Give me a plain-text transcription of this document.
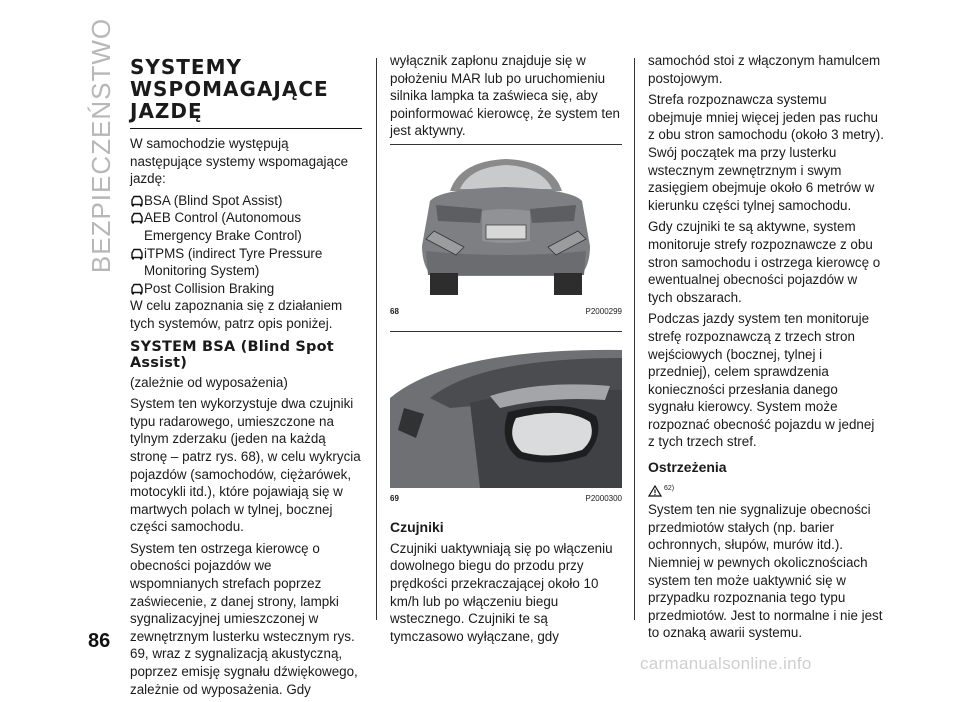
BEZPIECZEŃSTWO
86
SYSTEMY WSPOMAGAJĄCE JAZDĘ

W samochodzie występują następujące systemy wspomagające jazdę:

BSA (Blind Spot Assist)
AEB Control (Autonomous Emergency Brake Control)
iTPMS (indirect Tyre Pressure Monitoring System)
Post Collision Braking

W celu zapoznania się z działaniem tych systemów, patrz opis poniżej.

SYSTEM BSA (Blind Spot Assist)

(zależnie od wyposażenia)

System ten wykorzystuje dwa czujniki typu radarowego, umieszczone na tylnym zderzaku (jeden na każdą stronę – patrz rys. 68), w celu wykrycia pojazdów (samochodów, ciężarówek, motocykli itd.), które pojawiają się w martwych polach w tylnej, bocznej części samochodu.

System ten ostrzega kierowcę o obecności pojazdów we wspomnianych strefach poprzez zaświecenie, z danej strony, lampki sygnalizacyjnej umieszczonej w zewnętrznym lusterku wstecznym rys. 69, wraz z sygnalizacją akustyczną, poprzez emisję sygnału dźwiękowego, zależnie od wyposażenia. Gdy

wyłącznik zapłonu znajduje się w położeniu MAR lub po uruchomieniu silnika lampka ta zaświeca się, aby poinformować kierowcę, że system ten jest aktywny.

68	P2000299
69	P2000300
Czujniki

Czujniki uaktywniają się po włączeniu dowolnego biegu do przodu przy prędkości przekraczającej około 10 km/h lub po włączeniu biegu wstecznego. Czujniki te są tymczasowo wyłączane, gdy

samochód stoi z włączonym hamulcem postojowym.

Strefa rozpoznawcza systemu obejmuje mniej więcej jeden pas ruchu z obu stron samochodu (około 3 metry). Swój początek ma przy lusterku wstecznym zewnętrznym i swym zasięgiem obejmuje około 6 metrów w kierunku części tylnej samochodu.

Gdy czujniki te są aktywne, system monitoruje strefy rozpoznawcze z obu stron samochodu i ostrzega kierowcę o ewentualnej obecności pojazdów w tych obszarach.

Podczas jazdy system ten monitoruje strefę rozpoznawczą z trzech stron wejściowych (bocznej, tylnej i przedniej), celem sprawdzenia konieczności przesłania danego sygnału kierowcy. System może rozpoznać obecność pojazdu w jednej z tych trzech stref.

Ostrzeżenia
62)

System ten nie sygnalizuje obecności przedmiotów stałych (np. barier ochronnych, słupów, murów itd.). Niemniej w pewnych okolicznościach system ten może uaktywnić się w przypadku rozpoznania tego typu przedmiotów. Jest to normalne i nie jest to oznaką awarii systemu.

carmanualsonline.info
